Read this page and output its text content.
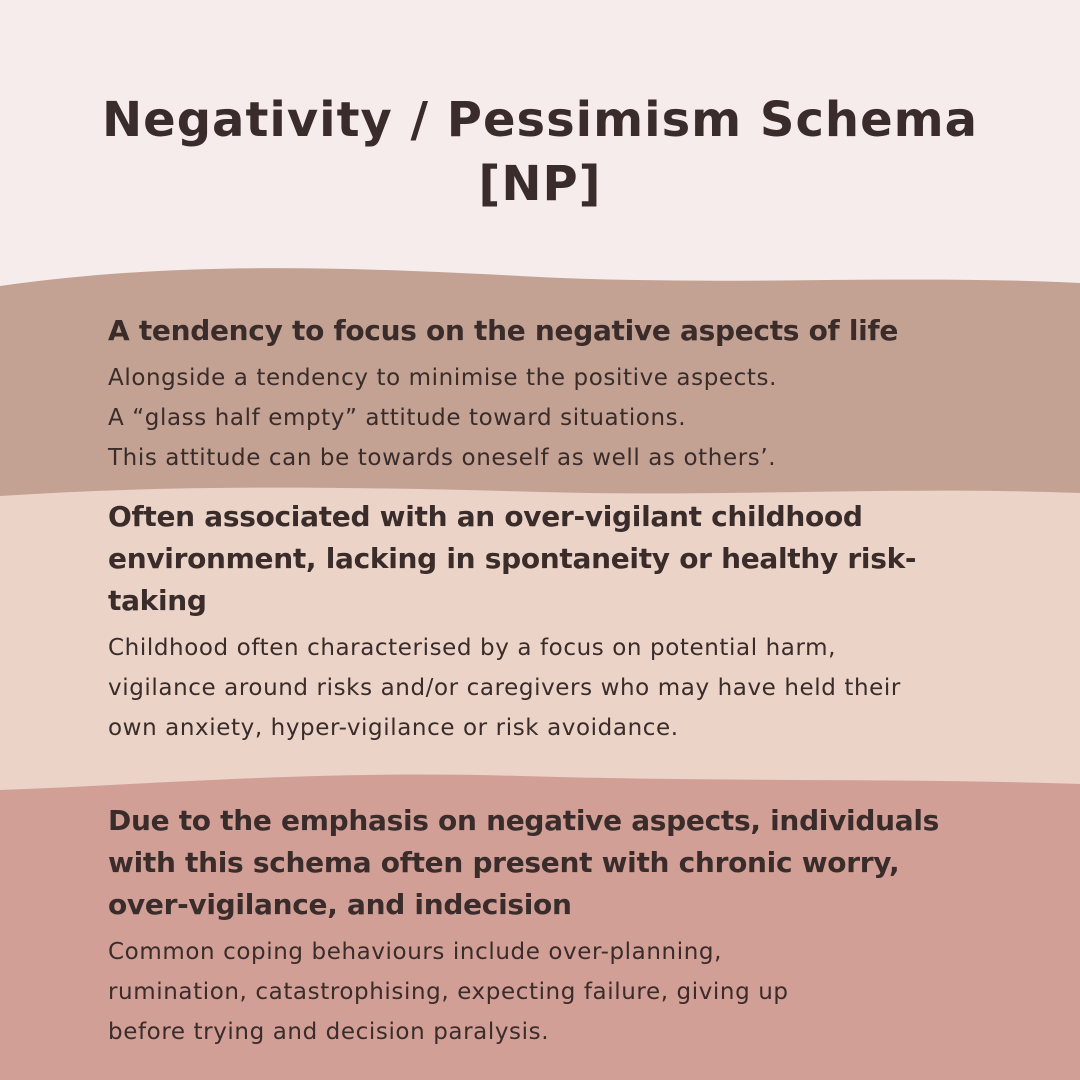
Negativity / Pessimism Schema
[NP]

A tendency to focus on the negative aspects of life

Alongside a tendency to minimise the positive aspects.
A “glass half empty” attitude toward situations.
This attitude can be towards oneself as well as others’.

Often associated with an over-vigilant childhood environment, lacking in spontaneity or healthy risk-taking

Childhood often characterised by a focus on potential harm,
vigilance around risks and/or caregivers who may have held their
own anxiety, hyper-vigilance or risk avoidance.

Due to the emphasis on negative aspects, individuals with this schema often present with chronic worry, over-vigilance, and indecision

Common coping behaviours include over-planning,
rumination, catastrophising, expecting failure, giving up
before trying and decision paralysis.
